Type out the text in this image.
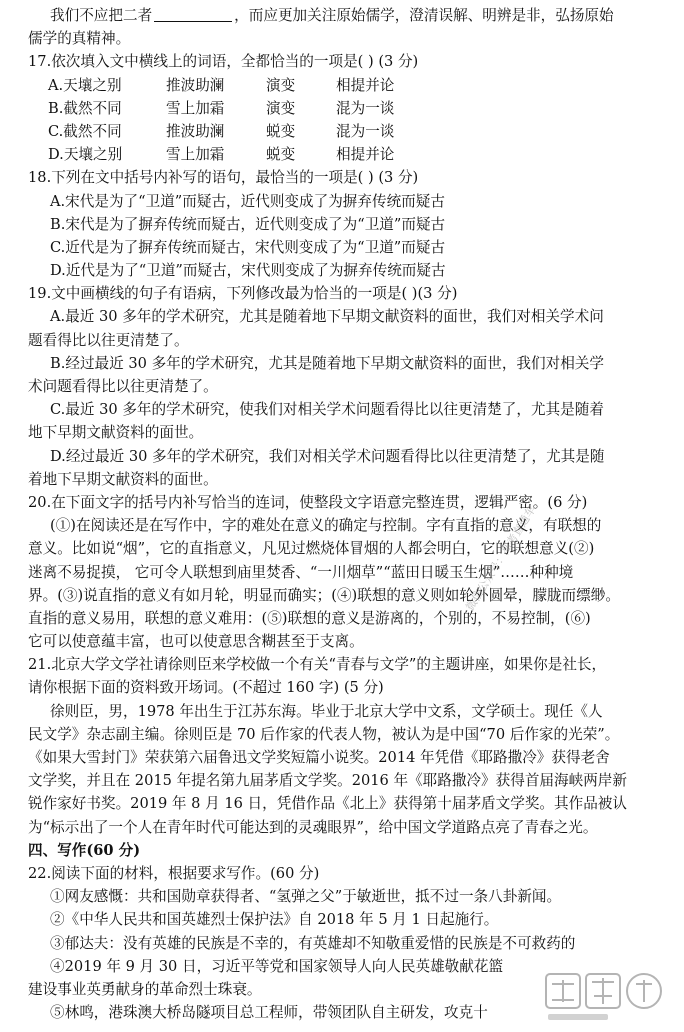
我们不应把二者	，而应更加关注原始儒学，澄清误解、明辨是非，弘扬原始
儒学的真精神。
17.依次填入文中横线上的词语，全都恰当的一项是( ) (3 分)
A.天壤之别	推波助澜	演变	相提并论
B.截然不同	雪上加霜	演变	混为一谈
C.截然不同	推波助澜	蜕变	混为一谈
D.天壤之别	雪上加霜	蜕变	相提并论
18.下列在文中括号内补写的语句，最恰当的一项是( ) (3 分)
A.宋代是为了“卫道”而疑古，近代则变成了为摒弃传统而疑古
B.宋代是为了摒弃传统而疑古，近代则变成了为“卫道”而疑古
C.近代是为了摒弃传统而疑古，宋代则变成了为“卫道”而疑古
D.近代是为了“卫道”而疑古，宋代则变成了为摒弃传统而疑古
19.文中画横线的句子有语病，下列修改最为恰当的一项是( )(3 分)
A.最近 30 多年的学术研究，尤其是随着地下早期文献资料的面世，我们对相关学术问
题看得比以往更清楚了。
B.经过最近 30 多年的学术研究，尤其是随着地下早期文献资料的面世，我们对相关学
术问题看得比以往更清楚了。
C.最近 30 多年的学术研究，使我们对相关学术问题看得比以往更清楚了，尤其是随着
地下早期文献资料的面世。
D.经过最近 30 多年的学术研究，我们对相关学术问题看得比以往更清楚了，尤其是随
着地下早期文献资料的面世。
20.在下面文字的括号内补写恰当的连词，使整段文字语意完整连贯，逻辑严密。(6 分)
(①)在阅读还是在写作中，字的难处在意义的确定与控制。字有直指的意义，有联想的
意义。比如说“烟”，它的直指意义，凡见过燃烧体冒烟的人都会明白，它的联想意义(②)
迷离不易捉摸， 它可令人联想到庙里焚香、“一川烟草”“蓝田日暖玉生烟”……种种境
界。(③)说直指的意义有如月轮，明显而确实；(④)联想的意义则如轮外圆晕，朦胧而缥缈。
直指的意义易用，联想的意义难用：(⑤)联想的意义是游离的，个别的，不易控制，(⑥)
它可以使意蕴丰富，也可以使意思含糊甚至于支离。
21.北京大学文学社请徐则臣来学校做一个有关“青春与文学”的主题讲座，如果你是社长，
请你根据下面的资料致开场词。(不超过 160 字) (5 分)
徐则臣，男，1978 年出生于江苏东海。毕业于北京大学中文系，文学硕士。现任《人
民文学》杂志副主编。徐则臣是 70 后作家的代表人物，被认为是中国“70 后作家的光荣”。
《如果大雪封门》荣获第六届鲁迅文学奖短篇小说奖。2014 年凭借《耶路撒冷》获得老舍
文学奖，并且在 2015 年提名第九届茅盾文学奖。2016 年《耶路撒冷》获得首届海峡两岸新
锐作家好书奖。2019 年 8 月 16 日，凭借作品《北上》获得第十届茅盾文学奖。其作品被认
为“标示出了一个人在青年时代可能达到的灵魂眼界”，给中国文学道路点亮了青春之光。
四、写作(60 分)
22.阅读下面的材料，根据要求写作。(60 分)
①网友感慨：共和国勋章获得者、“氢弹之父”于敏逝世，抵不过一条八卦新闻。
②《中华人民共和国英雄烈士保护法》自 2018 年 5 月 1 日起施行。
③郁达夫：没有英雄的民族是不幸的，有英雄却不知敬重爱惜的民族是不可救药的
④2019 年 9 月 30 日，习近平等党和国家领导人向人民英雄敬献花篮
建设事业英勇献身的革命烈士珠衰。
⑤林鸣，港珠澳大桥岛隧项目总工程师，带领团队自主研发，攻克十
微信公众号：高考直通车
